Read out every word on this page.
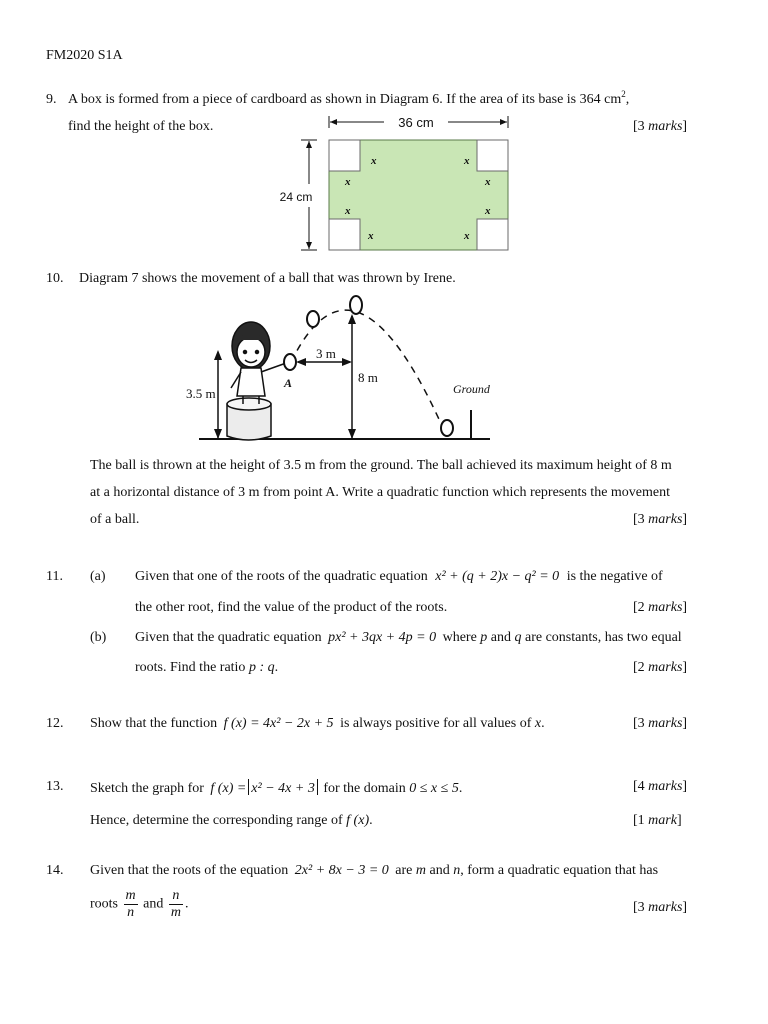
FM2020 S1A
9. A box is formed from a piece of cardboard as shown in Diagram 6. If the area of its base is 364 $cm^2$,
find the height of the box.	[3 marks]
36 cm
24 cm
x	x
x	x
x	x
x	x
10. Diagram 7 shows the movement of a ball that was thrown by Irene.
3.5 m
3 m
8 m
A	Ground
The ball is thrown at the height of 3.5 m from the ground. The ball achieved its maximum height of 8 m
at a horizontal distance of 3 m from point A. Write a quadratic function which represents the movement
of a ball.	[3 marks]
11. (a) Given that one of the roots of the quadratic equation x² + (q + 2)x − q² = 0 is the negative of
the other root, find the value of the product of the roots.	[2 marks]
(b) Given that the quadratic equation px² + 3qx + 4p = 0 where p and q are constants, has two equal
roots. Find the ratio p : q.	[2 marks]
12. Show that the function f (x) = 4x² − 2x + 5 is always positive for all values of x.	[3 marks]
13. Sketch the graph for f (x) = x² − 4x + 3 for the domain 0 ≤ x ≤ 5.	[4 marks]
Hence, determine the corresponding range of f (x).	[1 mark]
14. Given that the roots of the equation 2x² + 8x − 3 = 0 are m and n, form a quadratic equation that has
roots $\frac{m}{n}$ and $\frac{n}{m}$ .	[3 marks]
